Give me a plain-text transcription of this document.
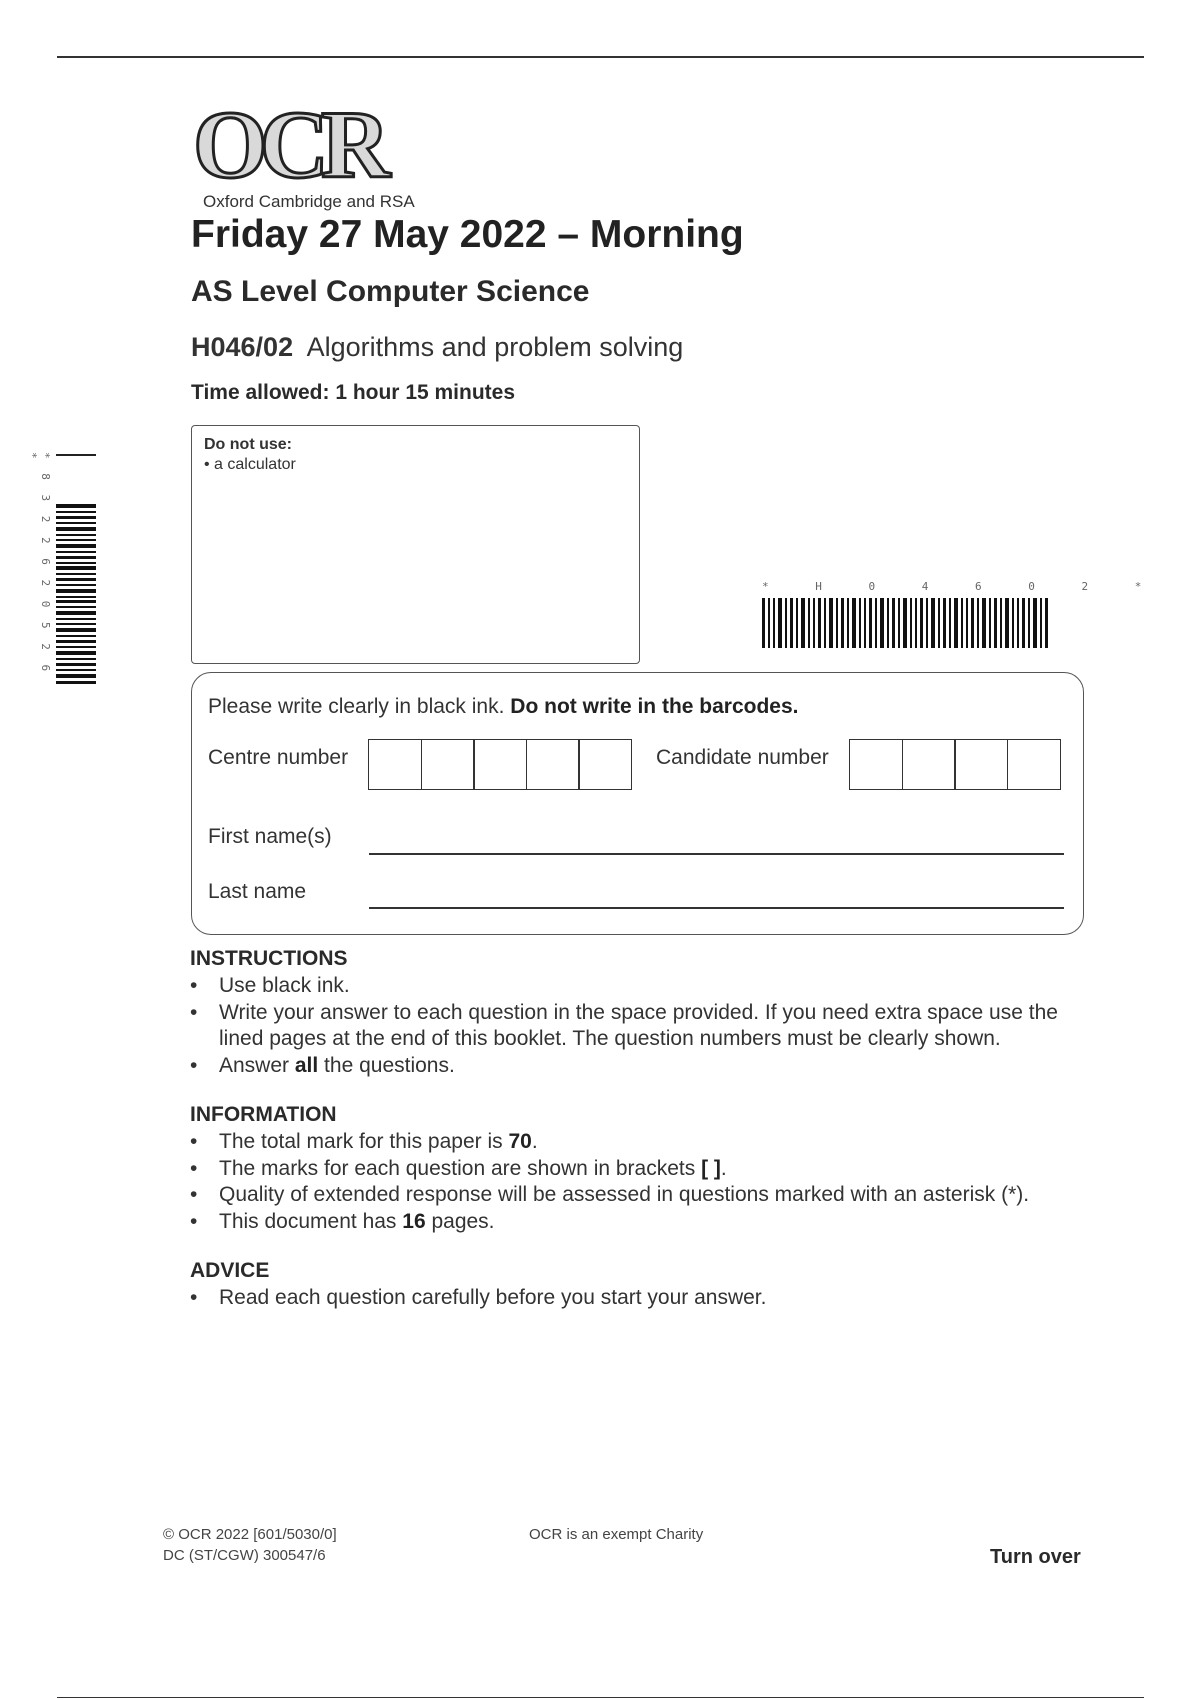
OCR
Oxford Cambridge and RSA
Friday 27 May 2022 – Morning
AS Level Computer Science
H046/02 Algorithms and problem solving
Time allowed: 1 hour 15 minutes
Do not use:
• a calculator
* 8 3 2 2 6 2 0 5 2 6 *
* H 0 4 6 0 2 *
Please write clearly in black ink. Do not write in the barcodes.
Centre number	Candidate number
First name(s)
Last name
INSTRUCTIONS
• Use black ink.
• Write your answer to each question in the space provided. If you need extra space use the lined pages at the end of this booklet. The question numbers must be clearly shown.
• Answer all the questions.
INFORMATION
• The total mark for this paper is 70.
• The marks for each question are shown in brackets [ ].
• Quality of extended response will be assessed in questions marked with an asterisk (*).
• This document has 16 pages.
ADVICE
• Read each question carefully before you start your answer.
© OCR 2022 [601/5030/0]
DC (ST/CGW) 300547/6
OCR is an exempt Charity
Turn over
